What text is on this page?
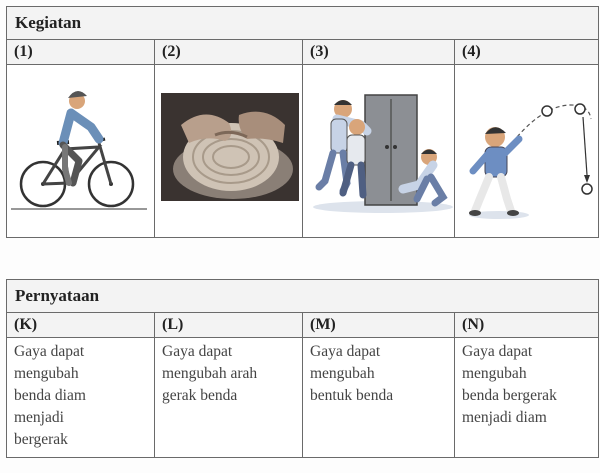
Kegiatan			
(1)	(2)	(3)	(4)

Pernyataan			
(K)	(L)	(M)	(N)

Gaya dapat
mengubah
benda diam
menjadi
bergerak	Gaya dapat
mengubah arah
gerak benda	Gaya dapat
mengubah
bentuk benda	Gaya dapat
mengubah
benda bergerak
menjadi diam
